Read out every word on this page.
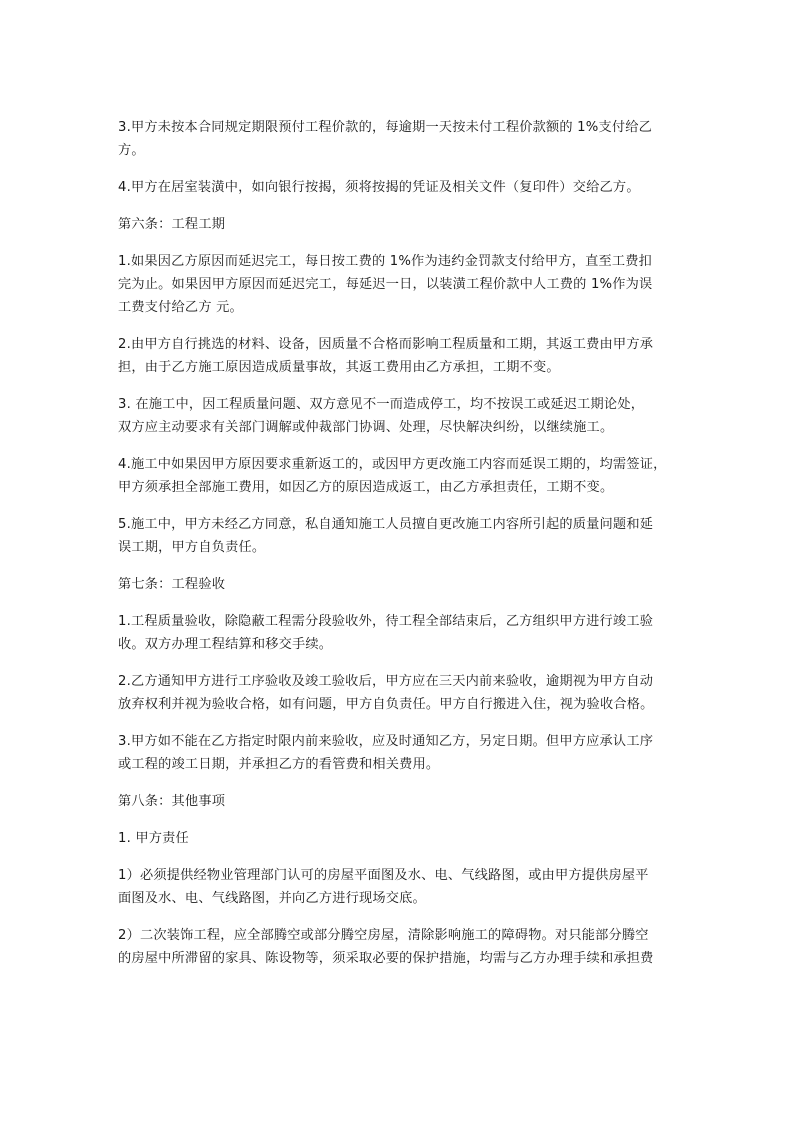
3.甲方未按本合同规定期限预付工程价款的，每逾期一天按未付工程价款额的 1%支付给乙
方。
4.甲方在居室装潢中，如向银行按揭，须将按揭的凭证及相关文件（复印件）交给乙方。
第六条：工程工期
1.如果因乙方原因而延迟完工，每日按工费的 1%作为违约金罚款支付给甲方，直至工费扣
完为止。如果因甲方原因而延迟完工，每延迟一日，以装潢工程价款中人工费的 1%作为误
工费支付给乙方 元。
2.由甲方自行挑选的材料、设备，因质量不合格而影响工程质量和工期，其返工费由甲方承
担，由于乙方施工原因造成质量事故，其返工费用由乙方承担，工期不变。
3. 在施工中，因工程质量问题、双方意见不一而造成停工，均不按误工或延迟工期论处，
双方应主动要求有关部门调解或仲裁部门协调、处理，尽快解决纠纷，以继续施工。
4.施工中如果因甲方原因要求重新返工的，或因甲方更改施工内容而延误工期的，均需签证，
甲方须承担全部施工费用，如因乙方的原因造成返工，由乙方承担责任，工期不变。
5.施工中，甲方未经乙方同意，私自通知施工人员擅自更改施工内容所引起的质量问题和延
误工期，甲方自负责任。
第七条：工程验收
1.工程质量验收，除隐蔽工程需分段验收外，待工程全部结束后，乙方组织甲方进行竣工验
收。双方办理工程结算和移交手续。
2.乙方通知甲方进行工序验收及竣工验收后，甲方应在三天内前来验收，逾期视为甲方自动
放弃权利并视为验收合格，如有问题，甲方自负责任。甲方自行搬进入住，视为验收合格。
3.甲方如不能在乙方指定时限内前来验收，应及时通知乙方，另定日期。但甲方应承认工序
或工程的竣工日期，并承担乙方的看管费和相关费用。
第八条：其他事项
1. 甲方责任
1）必须提供经物业管理部门认可的房屋平面图及水、电、气线路图，或由甲方提供房屋平
面图及水、电、气线路图，并向乙方进行现场交底。
2）二次装饰工程，应全部腾空或部分腾空房屋，清除影响施工的障碍物。对只能部分腾空
的房屋中所滞留的家具、陈设物等，须采取必要的保护措施，均需与乙方办理手续和承担费
